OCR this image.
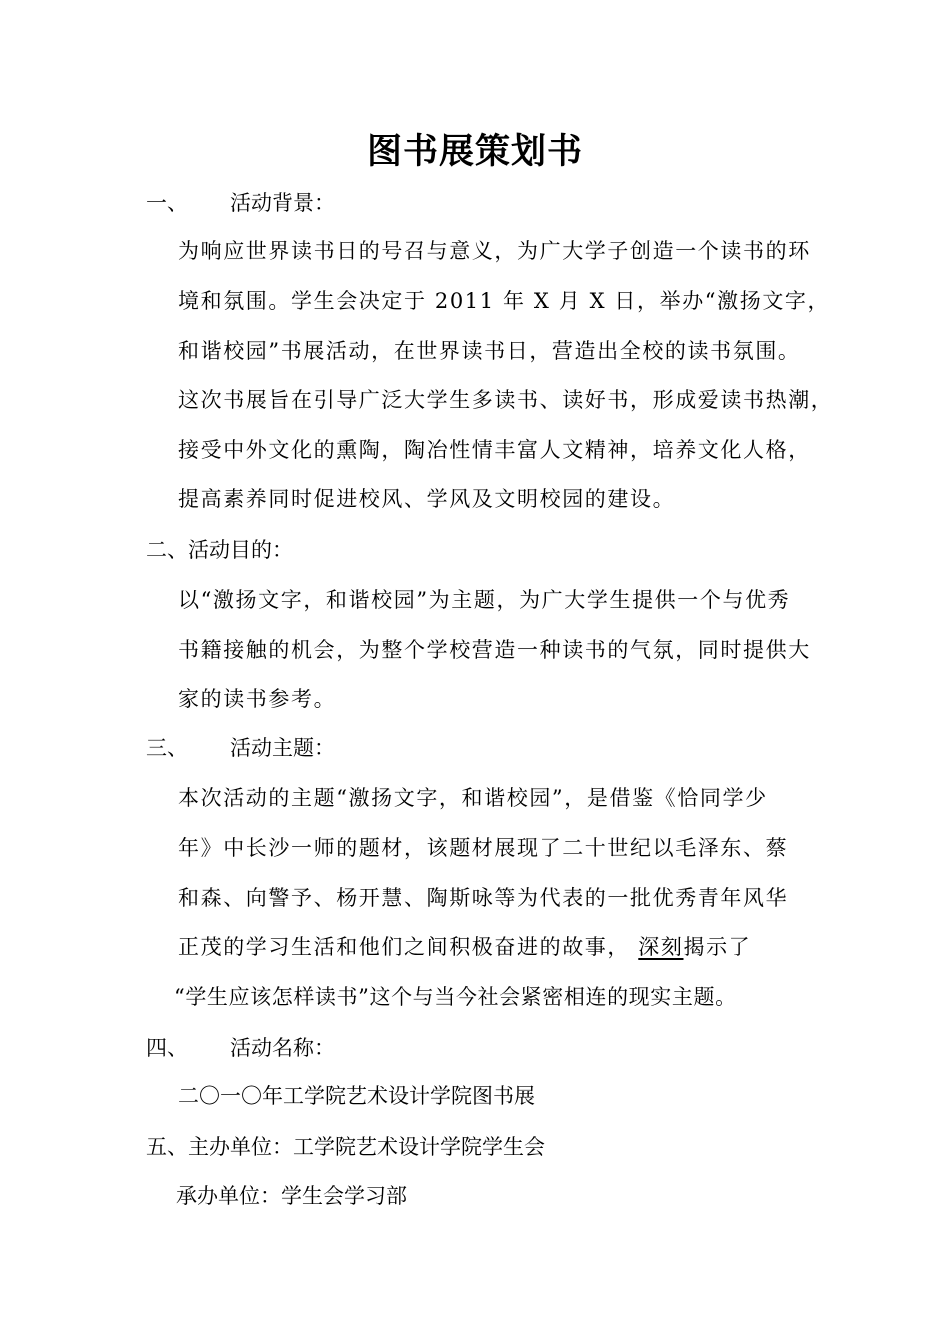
图书展策划书
一、 活动背景：
为响应世界读书日的号召与意义，为广大学子创造一个读书的环
境和氛围。学生会决定于 2011 年 X 月 X 日，举办“激扬文字，
和谐校园”书展活动，在世界读书日，营造出全校的读书氛围。
这次书展旨在引导广泛大学生多读书、读好书，形成爱读书热潮，
接受中外文化的熏陶，陶冶性情丰富人文精神，培养文化人格，
提高素养同时促进校风、学风及文明校园的建设。
二、活动目的：
以“激扬文字，和谐校园”为主题，为广大学生提供一个与优秀
书籍接触的机会，为整个学校营造一种读书的气氛，同时提供大
家的读书参考。
三、 活动主题：
本次活动的主题“激扬文字，和谐校园”，是借鉴《恰同学少
年》中长沙一师的题材，该题材展现了二十世纪以毛泽东、蔡
和森、向警予、杨开慧、陶斯咏等为代表的一批优秀青年风华
正茂的学习生活和他们之间积极奋进的故事， 深刻揭示了
“学生应该怎样读书”这个与当今社会紧密相连的现实主题。
四、 活动名称：
二〇一〇年工学院艺术设计学院图书展
五、主办单位：工学院艺术设计学院学生会
承办单位：学生会学习部
